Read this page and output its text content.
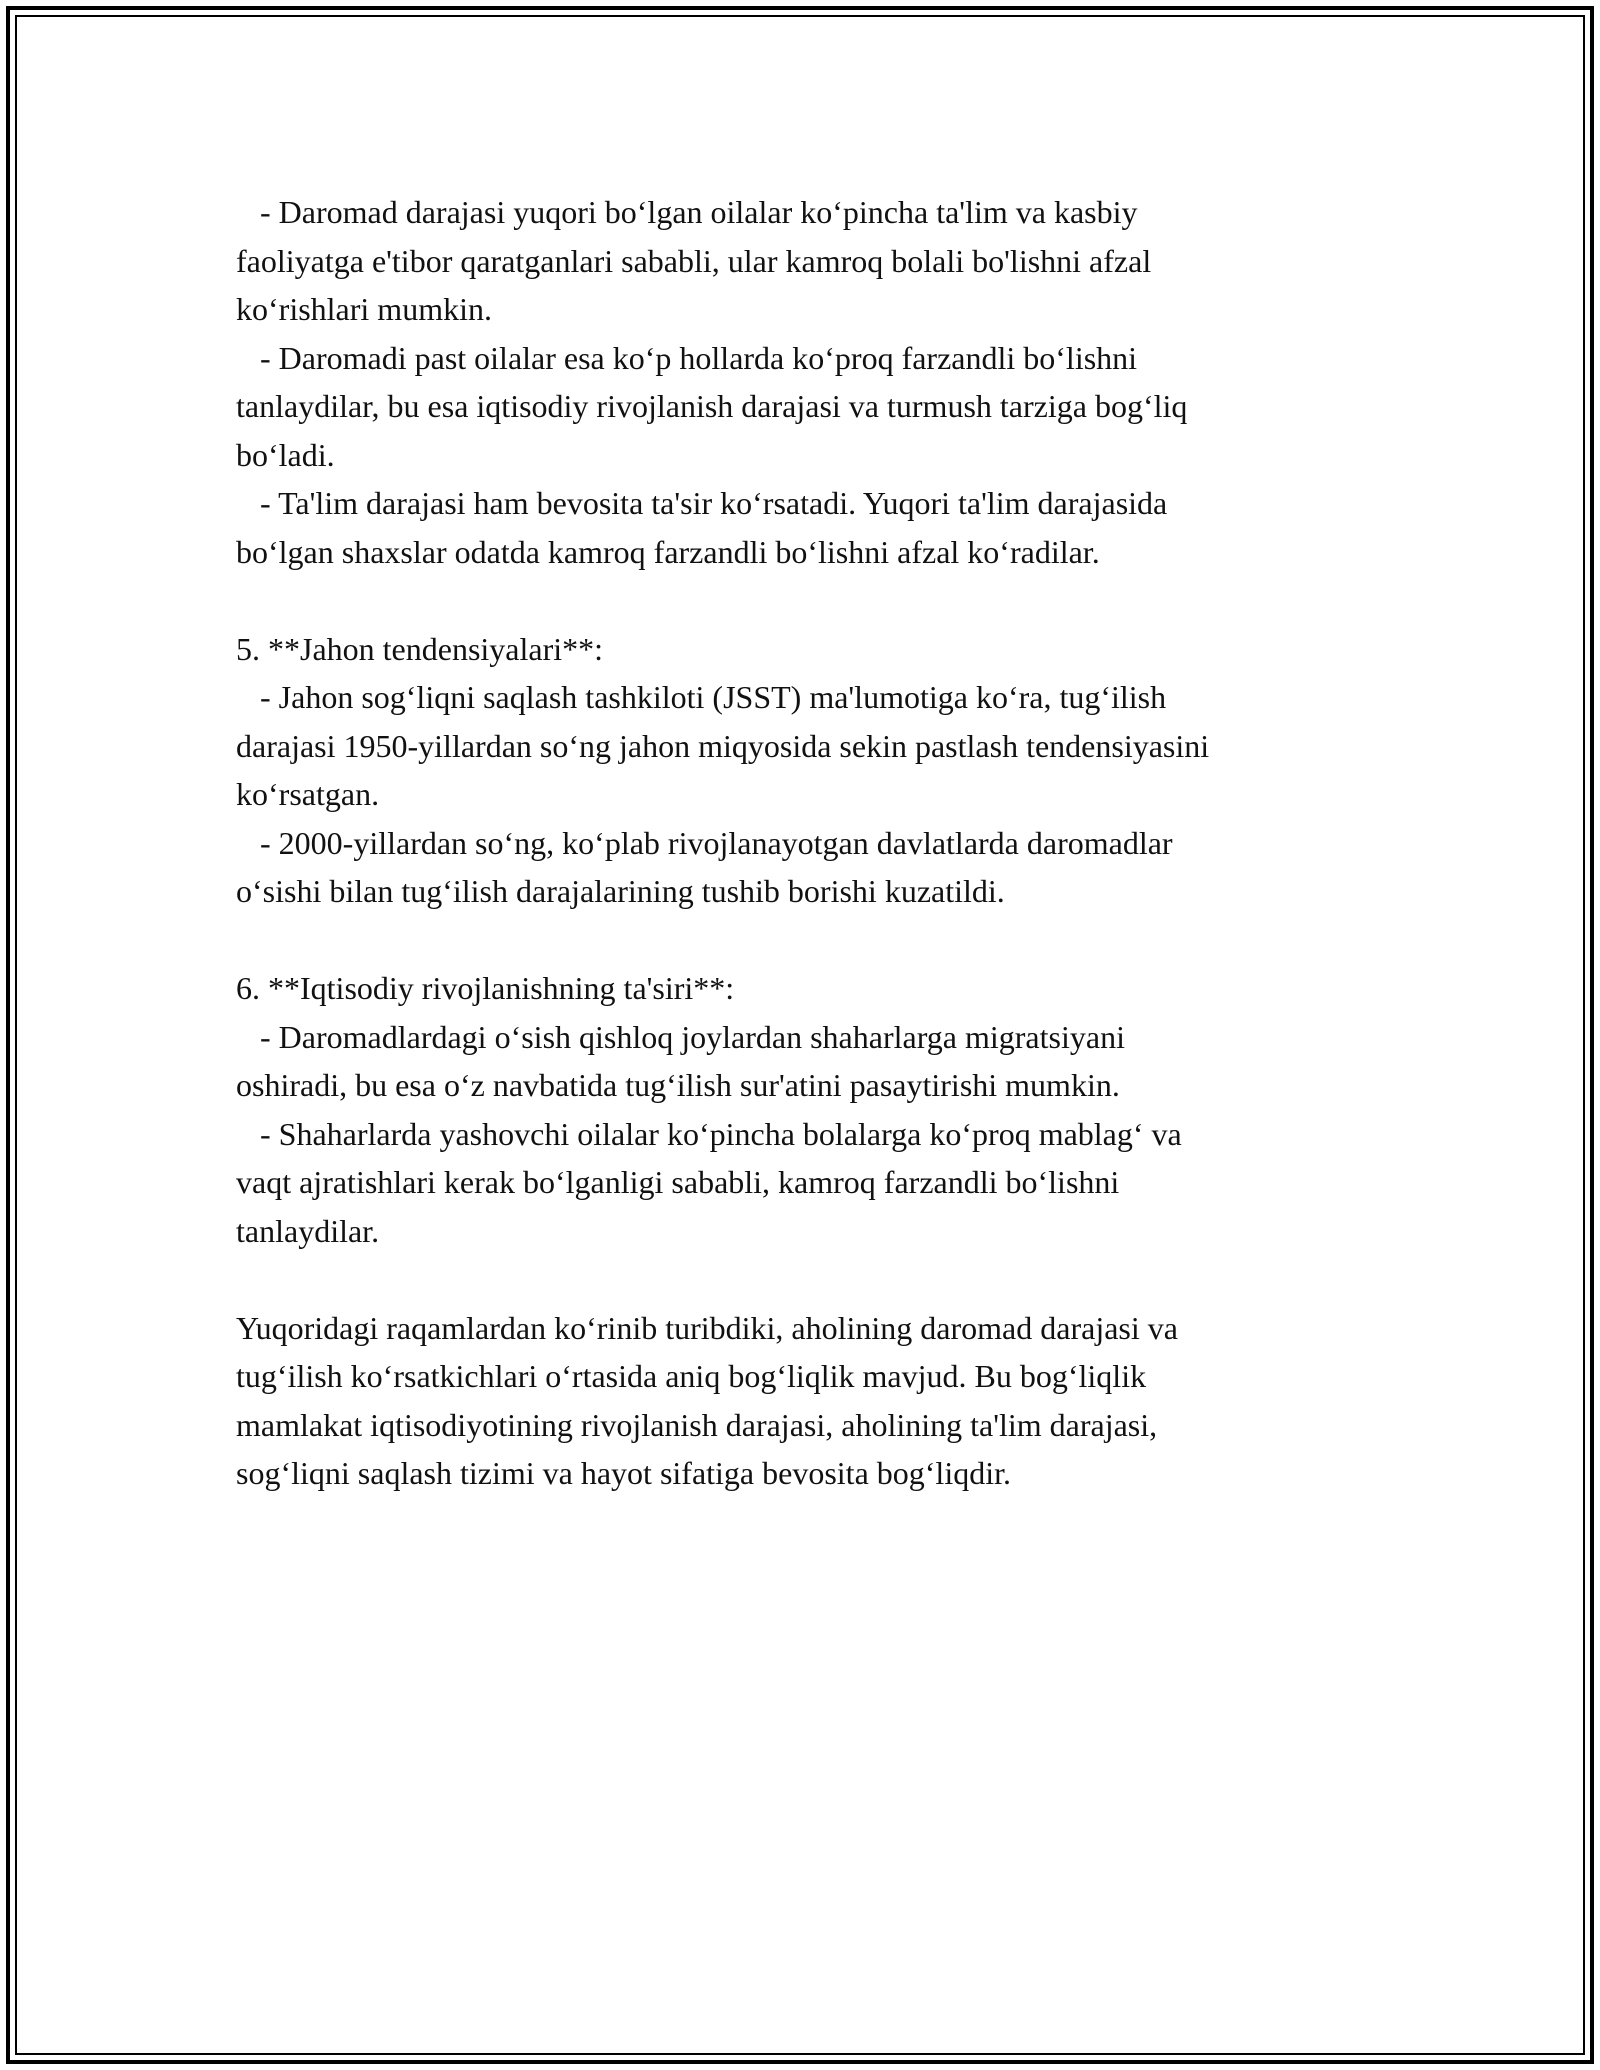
- Daromad darajasi yuqori boʻlgan oilalar koʻpincha ta'lim va kasbiy
faoliyatga e'tibor qaratganlari sababli, ular kamroq bolali bo'lishni afzal
koʻrishlari mumkin.
- Daromadi past oilalar esa koʻp hollarda koʻproq farzandli boʻlishni
tanlaydilar, bu esa iqtisodiy rivojlanish darajasi va turmush tarziga bogʻliq
boʻladi.
- Ta'lim darajasi ham bevosita ta'sir koʻrsatadi. Yuqori ta'lim darajasida
boʻlgan shaxslar odatda kamroq farzandli boʻlishni afzal koʻradilar.
5. **Jahon tendensiyalari**:
- Jahon sogʻliqni saqlash tashkiloti (JSST) ma'lumotiga koʻra, tugʻilish
darajasi 1950-yillardan soʻng jahon miqyosida sekin pastlash tendensiyasini
koʻrsatgan.
- 2000-yillardan soʻng, koʻplab rivojlanayotgan davlatlarda daromadlar
oʻsishi bilan tugʻilish darajalarining tushib borishi kuzatildi.
6. **Iqtisodiy rivojlanishning ta'siri**:
- Daromadlardagi oʻsish qishloq joylardan shaharlarga migratsiyani
oshiradi, bu esa oʻz navbatida tugʻilish sur'atini pasaytirishi mumkin.
- Shaharlarda yashovchi oilalar koʻpincha bolalarga koʻproq mablagʻ va
vaqt ajratishlari kerak boʻlganligi sababli, kamroq farzandli boʻlishni
tanlaydilar.
Yuqoridagi raqamlardan koʻrinib turibdiki, aholining daromad darajasi va
tugʻilish koʻrsatkichlari oʻrtasida aniq bogʻliqlik mavjud. Bu bogʻliqlik
mamlakat iqtisodiyotining rivojlanish darajasi, aholining ta'lim darajasi,
sogʻliqni saqlash tizimi va hayot sifatiga bevosita bogʻliqdir.
